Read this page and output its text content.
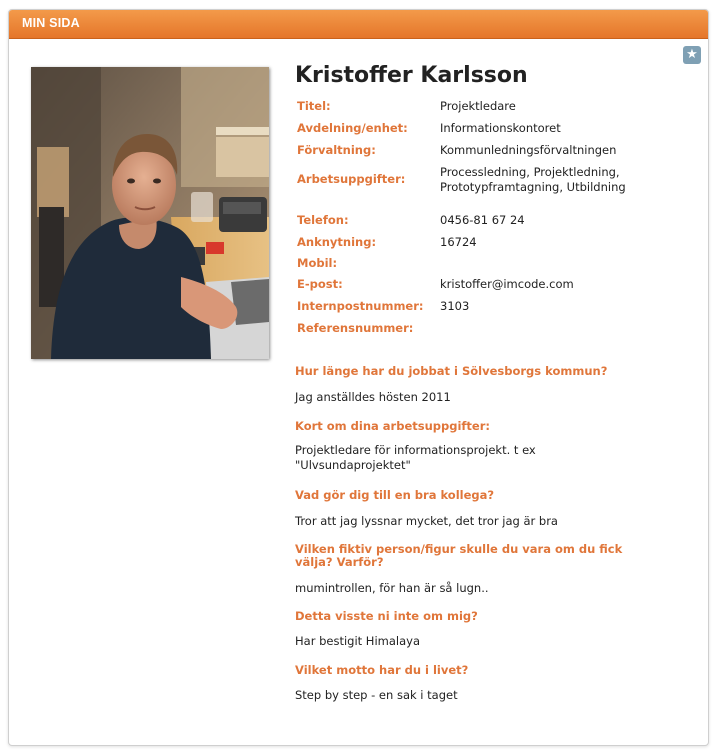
MIN SIDA
★
Kristoffer Karlsson
Titel:	Projektledare
Avdelning/enhet:	Informationskontoret
Förvaltning:	Kommunledningsförvaltningen
Arbetsuppgifter:	Processledning, Projektledning, Prototypframtagning, Utbildning
Telefon:	0456-81 67 24
Anknytning:	16724
Mobil:
E-post:	kristoffer@imcode.com
Internpostnummer:	3103
Referensnummer:
Hur länge har du jobbat i Sölvesborgs kommun?
Jag anställdes hösten 2011
Kort om dina arbetsuppgifter:
Projektledare för informationsprojekt. t ex "Ulvsundaprojektet"
Vad gör dig till en bra kollega?
Tror att jag lyssnar mycket, det tror jag är bra
Vilken fiktiv person/figur skulle du vara om du fick välja? Varför?
mumintrollen, för han är så lugn..
Detta visste ni inte om mig?
Har bestigit Himalaya
Vilket motto har du i livet?
Step by step - en sak i taget
